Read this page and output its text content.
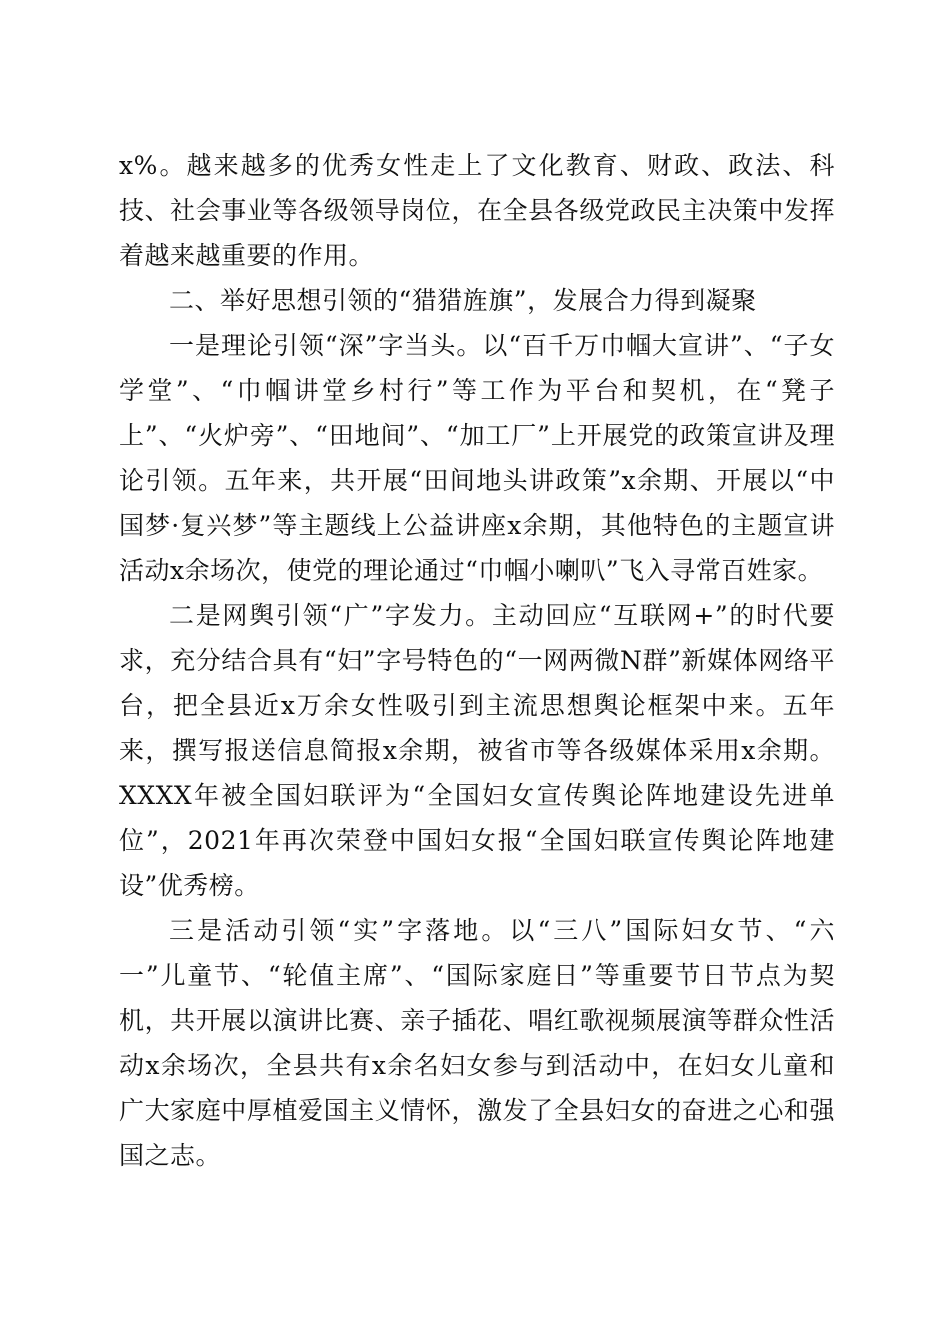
x%。越来越多的优秀女性走上了文化教育、财政、政法、科技、社会事业等各级领导岗位，在全县各级党政民主决策中发挥着越来越重要的作用。

二、举好思想引领的“猎猎旌旗”，发展合力得到凝聚

一是理论引领“深”字当头。以“百千万巾帼大宣讲”、“子女学堂”、“巾帼讲堂乡村行”等工作为平台和契机，在“凳子上”、“火炉旁”、“田地间”、“加工厂”上开展党的政策宣讲及理论引领。五年来，共开展“田间地头讲政策”x余期、开展以“中国梦·复兴梦”等主题线上公益讲座x余期，其他特色的主题宣讲活动x余场次，使党的理论通过“巾帼小喇叭”飞入寻常百姓家。

二是网舆引领“广”字发力。主动回应“互联网+”的时代要求，充分结合具有“妇”字号特色的“一网两微N群”新媒体网络平台，把全县近x万余女性吸引到主流思想舆论框架中来。五年来，撰写报送信息简报x余期，被省市等各级媒体采用x余期。XXXX年被全国妇联评为“全国妇女宣传舆论阵地建设先进单位”，2021年再次荣登中国妇女报“全国妇联宣传舆论阵地建设”优秀榜。

三是活动引领“实”字落地。以“三八”国际妇女节、“六一”儿童节、“轮值主席”、“国际家庭日”等重要节日节点为契机，共开展以演讲比赛、亲子插花、唱红歌视频展演等群众性活动x余场次，全县共有x余名妇女参与到活动中，在妇女儿童和广大家庭中厚植爱国主义情怀，激发了全县妇女的奋进之心和强国之志。
